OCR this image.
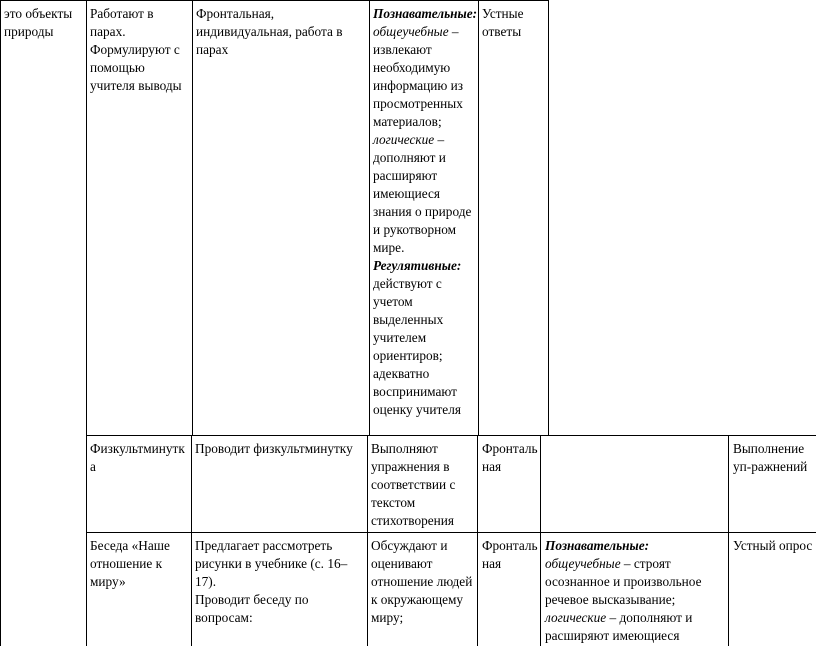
это объекты природы
Работают в парах. Формулируют с помощью учителя выводы
Фронтальная, индивидуальная, работа в парах
Познавательные: общеучебные – извлекают необходимую информацию из просмотренных материалов; логические – дополняют и расширяют имеющиеся знания о природе и рукотворном мире. Регулятивные: действуют с учетом выделенных учителем ориентиров; адекватно воспринимают оценку учителя
Устные ответы
Физкультминутка
Проводит физкультминутку	Выполняют упражнения в соответствии с текстом стихотворения
Фронтальная
Выполнение уп-ражнений
Беседа «Наше отношение к миру»

Предлагает рассмотреть рисунки в учебнике (с. 16–17).

Проводит беседу по вопросам:

Обсуждают и оценивают отношение людей к окружающему миру;
Фронтальная
Познавательные: общеучебные – строят осознанное и произвольное речевое высказывание; логические – дополняют и расширяют имеющиеся
Устный опрос
